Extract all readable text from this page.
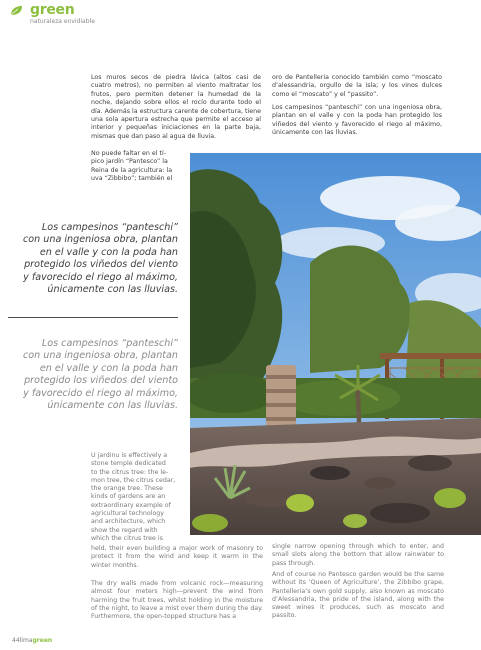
green
naturaleza envidiable

Los muros secos de piedra lávica (altos casi de cuatro metros), no permiten al viento maltratar los frutos, pero permiten detener la humedad de la noche, dejando sobre ellos el rocío durante todo el día. Además la estructura carente de cobertura, tiene una sola apertura estrecha que permite el acceso al interior y pequeñas iniciaciones en la parte baja, mismas que dan paso al agua de lluvia.

oro de Pantelleria conocido también como “moscato d’alessandria, orgullo de la isla; y los vinos dulces como el “moscato” y el “passito”.

Los campesinos “panteschi” con una ingeniosa obra, plantan en el valle y con la poda han protegido los viñedos del viento y favorecido el riego al máximo, únicamente con las lluvias.

No puede faltar en el tí-
pico jardín “Pantesco” la
Reina de la agricultura: la
uva “Zibbibo”; también el
Los campesinos “panteschi”
con una ingeniosa obra, plantan
en el valle y con la poda han
protegido los viñedos del viento
y favorecido el riego al máximo,
únicamente con las lluvias.
Los campesinos “panteschi”
con una ingeniosa obra, plantan
en el valle y con la poda han
protegido los viñedos del viento
y favorecido el riego al máximo,
únicamente con las lluvias.
U jardinu is effectively a
stone temple dedicated
to the citrus tree: the le-
mon tree, the citrus cedar,
the orange tree. These
kinds of gardens are an
extraordinary example of
agricultural technology
and architecture, which
show the regard with
which the citrus tree is

held, their even building a major work of masonry to protect it from the wind and keep it warm in the winter months.

The dry walls made from volcanic rock—measuring almost four meters high—prevent the wind from harming the fruit trees, whilst holding in the moisture of the night, to leave a mist over them during the day. Furthermore, the open-topped structure has a

single narrow opening through which to enter, and small slots along the bottom that allow rainwater to pass through.

And of course no Pantesco garden would be the same without its ‘Queen of Agriculture’, the Zibbibo grape, Pantelleria’s own gold supply, also known as moscato d’Alessandria, the pride of the island, along with the sweet wines it produces, such as moscato and passito.

44limagreen
